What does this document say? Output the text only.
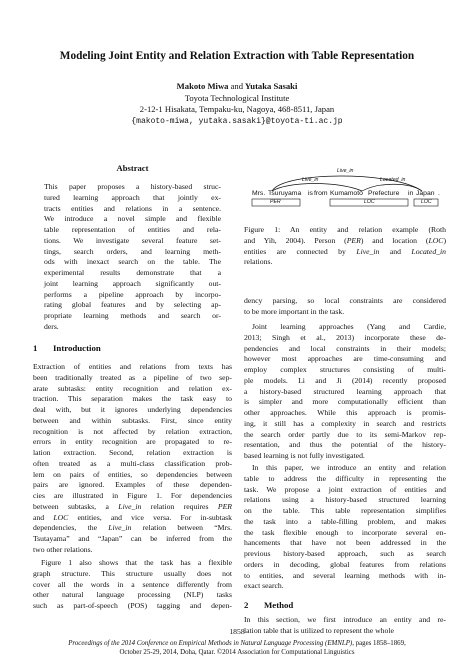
Modeling Joint Entity and Relation Extraction with Table Representation
Makoto Miwa and Yutaka Sasaki
Toyota Technological Institute
2-12-1 Hisakata, Tempaku-ku, Nagoya, 468-8511, Japan
{makoto-miwa, yutaka.sasaki}@toyota-ti.ac.jp
Abstract
This paper proposes a history-based struc-
tured learning approach that jointly ex-
tracts entities and relations in a sentence.
We introduce a novel simple and flexible
table representation of entities and rela-
tions. We investigate several feature set-
tings, search orders, and learning meth-
ods with inexact search on the table. The
experimental results demonstrate that a
joint learning approach significantly out-
performs a pipeline approach by incorpo-
rating global features and by selecting ap-
propriate learning methods and search or-
ders.
1 Introduction
Extraction of entities and relations from texts has
been traditionally treated as a pipeline of two sep-
arate subtasks: entity recognition and relation ex-
traction. This separation makes the task easy to
deal with, but it ignores underlying dependencies
between and within subtasks. First, since entity
recognition is not affected by relation extraction,
errors in entity recognition are propagated to re-
lation extraction. Second, relation extraction is
often treated as a multi-class classification prob-
lem on pairs of entities, so dependencies between
pairs are ignored. Examples of these dependen-
cies are illustrated in Figure 1. For dependencies
between subtasks, a Live_in relation requires PER
and LOC entities, and vice versa. For in-subtask
dependencies, the Live_in relation between “Mrs.
Tsutayama” and “Japan” can be inferred from the
two other relations.
Figure 1 also shows that the task has a flexible
graph structure. This structure usually does not
cover all the words in a sentence differently from
other natural language processing (NLP) tasks
such as part-of-speech (POS) tagging and depen-
Live_in
Live_in	Located_in
Mrs. Tsuruyama is from Kumamoto Prefecture in Japan .
PER	LOC	LOC
Figure 1: An entity and relation example (Roth
and Yih, 2004). Person (PER) and location (LOC)
entities are connected by Live_in and Located_in
relations.
dency parsing, so local constraints are considered
to be more important in the task.
Joint learning approaches (Yang and Cardie,
2013; Singh et al., 2013) incorporate these de-
pendencies and local constraints in their models;
however most approaches are time-consuming and
employ complex structures consisting of multi-
ple models. Li and Ji (2014) recently proposed
a history-based structured learning approach that
is simpler and more computationally efficient than
other approaches. While this approach is promis-
ing, it still has a complexity in search and restricts
the search order partly due to its semi-Markov rep-
resentation, and thus the potential of the history-
based learning is not fully investigated.
In this paper, we introduce an entity and relation
table to address the difficulty in representing the
task. We propose a joint extraction of entities and
relations using a history-based structured learning
on the table. This table representation simplifies
the task into a table-filling problem, and makes
the task flexible enough to incorporate several en-
hancements that have not been addressed in the
previous history-based approach, such as search
orders in decoding, global features from relations
to entities, and several learning methods with in-
exact search.
2 Method
In this section, we first introduce an entity and re-
lation table that is utilized to represent the whole
1858
Proceedings of the 2014 Conference on Empirical Methods in Natural Language Processing (EMNLP), pages 1858–1869,
October 25-29, 2014, Doha, Qatar. ©2014 Association for Computational Linguistics
